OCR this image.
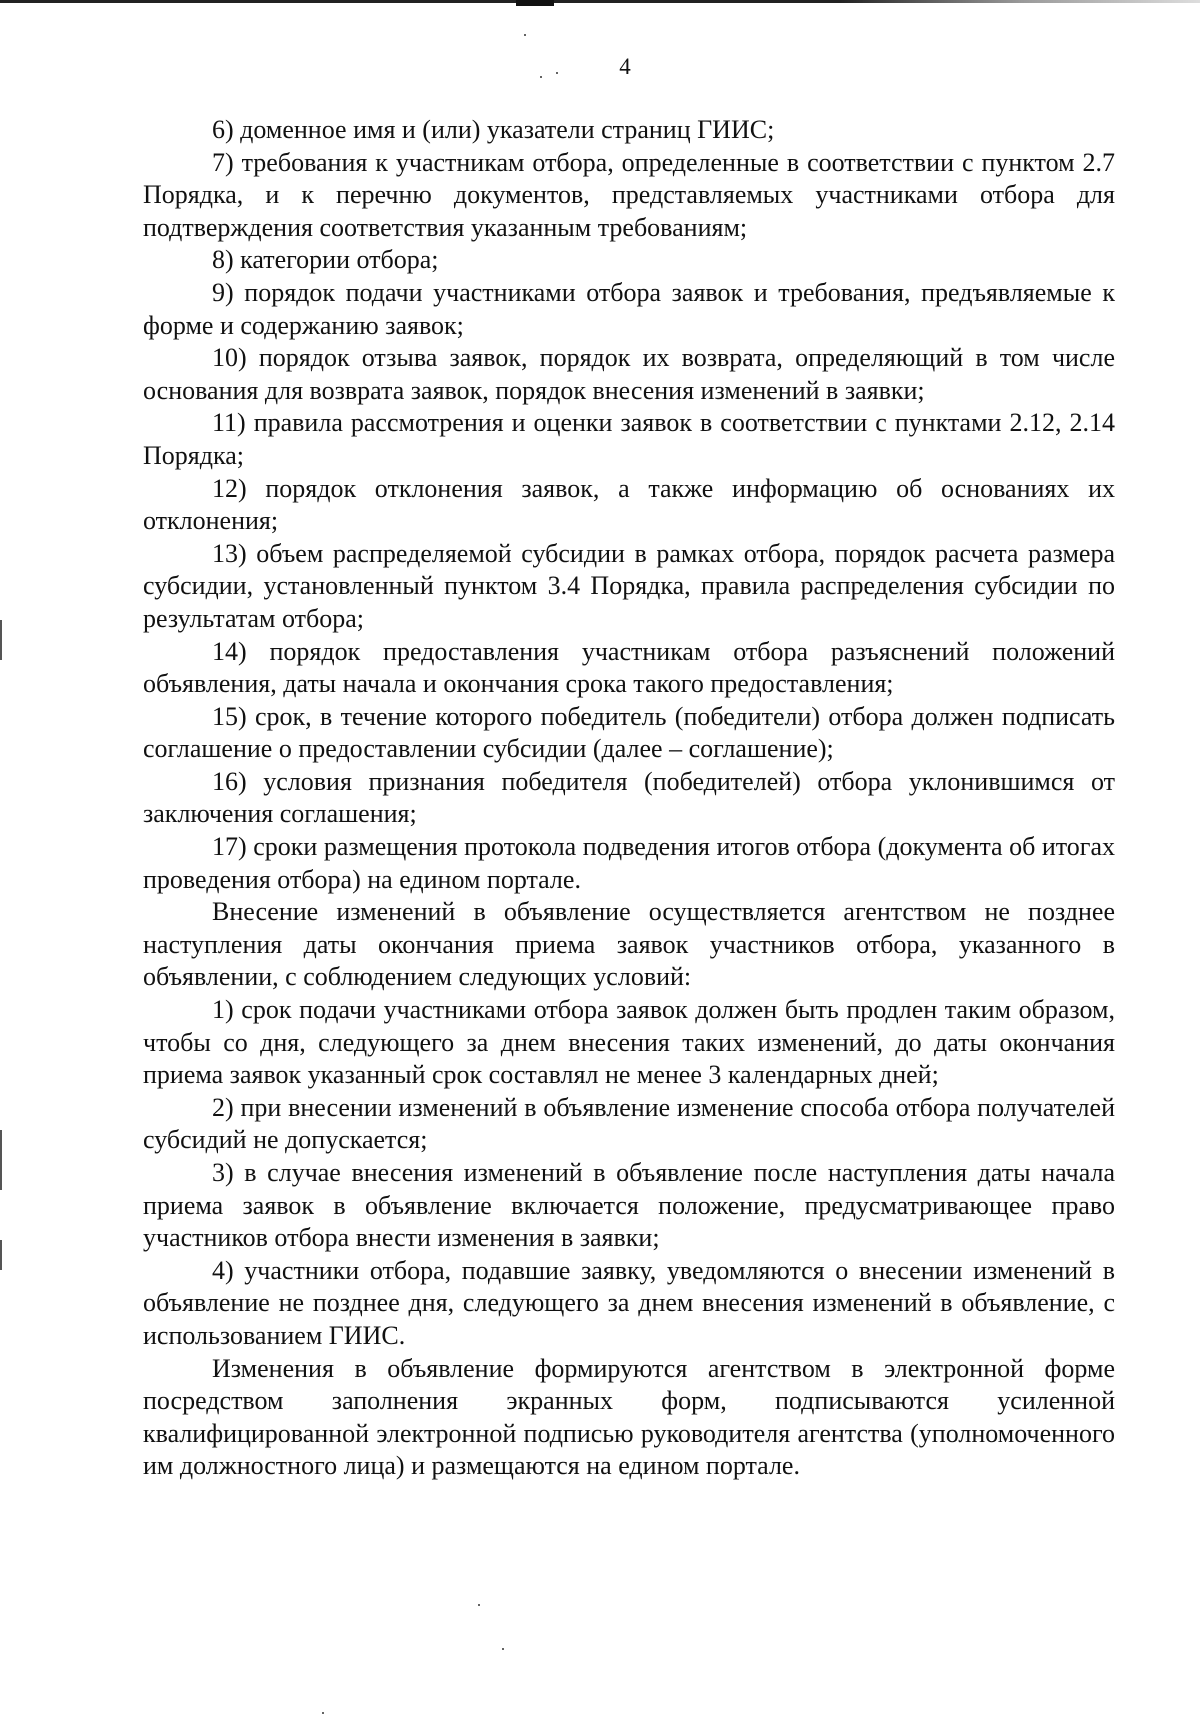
4

6) доменное имя и (или) указатели страниц ГИИС;

7) требования к участникам отбора, определенные в соответствии с пунктом 2.7 Порядка, и к перечню документов, представляемых участниками отбора для подтверждения соответствия указанным требованиям;

8) категории отбора;

9) порядок подачи участниками отбора заявок и требования, предъявляемые к форме и содержанию заявок;

10) порядок отзыва заявок, порядок их возврата, определяющий в том числе основания для возврата заявок, порядок внесения изменений в заявки;

11) правила рассмотрения и оценки заявок в соответствии с пунктами 2.12, 2.14 Порядка;

12) порядок отклонения заявок, а также информацию об основаниях их отклонения;

13) объем распределяемой субсидии в рамках отбора, порядок расчета размера субсидии, установленный пунктом 3.4 Порядка, правила распределения субсидии по результатам отбора;

14) порядок предоставления участникам отбора разъяснений положений объявления, даты начала и окончания срока такого предоставления;

15) срок, в течение которого победитель (победители) отбора должен подписать соглашение о предоставлении субсидии (далее – соглашение);

16) условия признания победителя (победителей) отбора уклонившимся от заключения соглашения;

17) сроки размещения протокола подведения итогов отбора (документа об итогах проведения отбора) на едином портале.

Внесение изменений в объявление осуществляется агентством не позднее наступления даты окончания приема заявок участников отбора, указанного в объявлении, с соблюдением следующих условий:

1) срок подачи участниками отбора заявок должен быть продлен таким образом, чтобы со дня, следующего за днем внесения таких изменений, до даты окончания приема заявок указанный срок составлял не менее 3 календарных дней;

2) при внесении изменений в объявление изменение способа отбора получателей субсидий не допускается;

3) в случае внесения изменений в объявление после наступления даты начала приема заявок в объявление включается положение, предусматривающее право участников отбора внести изменения в заявки;

4) участники отбора, подавшие заявку, уведомляются о внесении изменений в объявление не позднее дня, следующего за днем внесения изменений в объявление, с использованием ГИИС.

Изменения в объявление формируются агентством в электронной форме посредством заполнения экранных форм, подписываются усиленной квалифицированной электронной подписью руководителя агентства (уполномоченного им должностного лица) и размещаются на едином портале.
